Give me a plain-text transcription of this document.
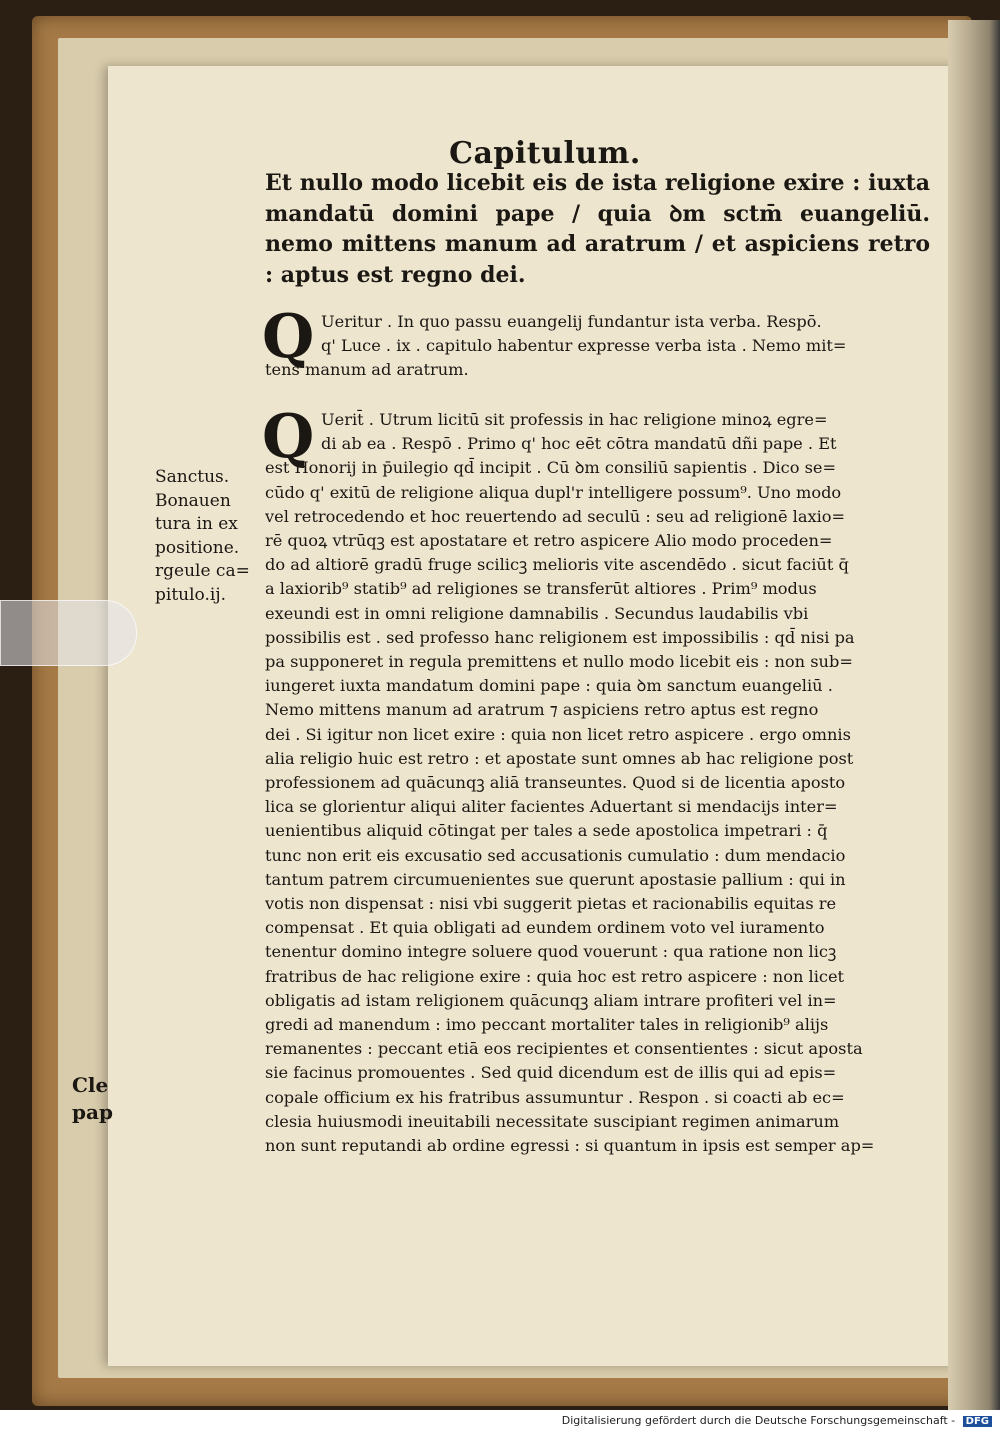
Capitulum.
Et nullo modo licebit eis de ista religione exire : iuxta mandatū domini pape / quia ꝺm sctm̄ euangeliū. nemo mittens manum ad aratrum / et aspiciens retro : aptus est regno dei.
Q Ueritur . In quo passu euangelij fundantur ista verba. Respō.
q' Luce . ix . capitulo habentur expresse verba ista . Nemo mit=
tens manum ad aratrum.
Q Uerit̄ . Utrum licitū sit professis in hac religione minoꝝ egre=
di ab ea . Respō . Primo q' hoc eēt cōtra mandatū dñi pape . Et
est Honorij in p̄uilegio qd̄ incipit . Cū ꝺm consiliū sapientis . Dico se=
cūdo q' exitū de religione aliqua dupl'r intelligere possum⁹. Uno modo
vel retrocedendo et hoc reuertendo ad seculū : seu ad religionē laxio=
rē quoꝝ vtrūqꝫ est apostatare et retro aspicere Alio modo proceden=
do ad altiorē gradū fruge scilicꝫ melioris vite ascendēdo . sicut faciūt q̄
a laxiorib⁹ statib⁹ ad religiones se transferūt altiores . Prim⁹ modus
exeundi est in omni religione damnabilis . Secundus laudabilis vbi
possibilis est . sed professo hanc religionem est impossibilis : qd̄ nisi pa
pa supponeret in regula premittens et nullo modo licebit eis : non sub=
iungeret iuxta mandatum domini pape : quia ꝺm sanctum euangeliū .
Nemo mittens manum ad aratrum ⁊ aspiciens retro aptus est regno
dei . Si igitur non licet exire : quia non licet retro aspicere . ergo omnis
alia religio huic est retro : et apostate sunt omnes ab hac religione post
professionem ad quācunqꝫ aliā transeuntes. Quod si de licentia aposto
lica se glorientur aliqui aliter facientes Aduertant si mendacijs inter=
uenientibus aliquid cōtingat per tales a sede apostolica impetrari : q̄
tunc non erit eis excusatio sed accusationis cumulatio : dum mendacio
tantum patrem circumuenientes sue querunt apostasie pallium : qui in
votis non dispensat : nisi vbi suggerit pietas et racionabilis equitas re
compensat . Et quia obligati ad eundem ordinem voto vel iuramento
tenentur domino integre soluere quod vouerunt : qua ratione non licꝫ
fratribus de hac religione exire : quia hoc est retro aspicere : non licet
obligatis ad istam religionem quācunqꝫ aliam intrare profiteri vel in=
gredi ad manendum : imo peccant mortaliter tales in religionib⁹ alijs
remanentes : peccant etiā eos recipientes et consentientes : sicut aposta
sie facinus promouentes . Sed quid dicendum est de illis qui ad epis=
copale officium ex his fratribus assumuntur . Respon . si coacti ab ec=
clesia huiusmodi ineuitabili necessitate suscipiant regimen animarum
non sunt reputandi ab ordine egressi : si quantum in ipsis est semper ap=
Sanctus.
Bonauen
tura in ex
positione.
rgeule ca=
pitulo.ij.
Cle
pap
Digitalisierung gefördert durch die Deutsche Forschungsgemeinschaft - DFG
